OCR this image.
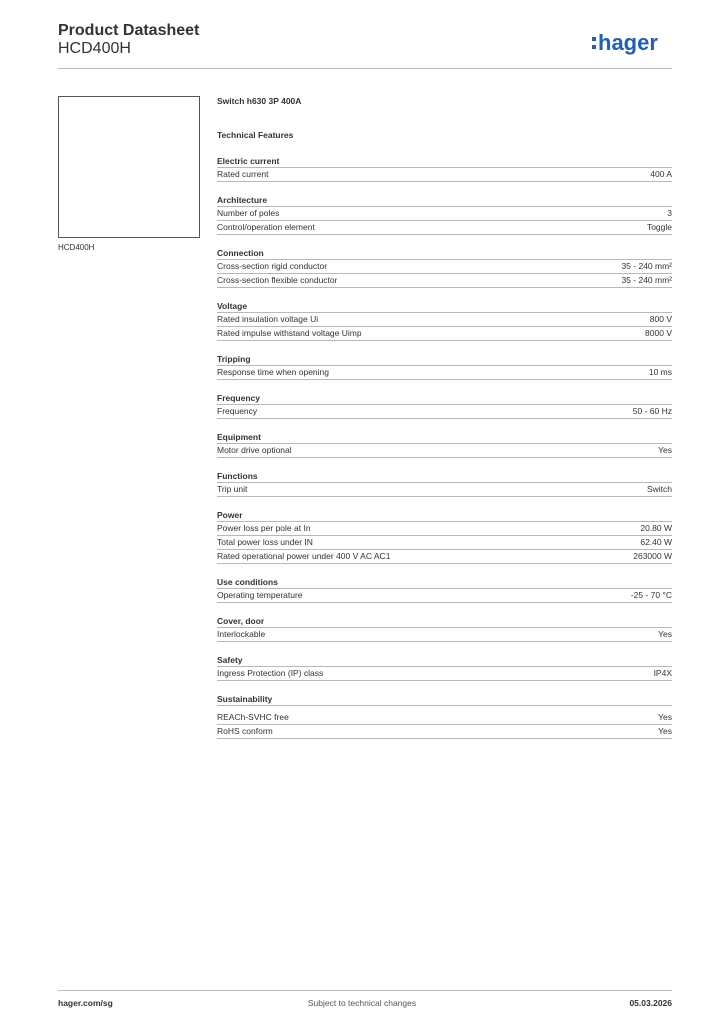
Product Datasheet
HCD400H	hager
HCD400H
Switch h630 3P 400A
Technical Features
Electric current
Rated current	400 A
Architecture
Number of poles	3
Control/operation element	Toggle
Connection
Cross-section rigid conductor	35 - 240 mm²
Cross-section flexible conductor	35 - 240 mm²
Voltage
Rated insulation voltage Ui	800 V
Rated impulse withstand voltage Uimp	8000 V
Tripping
Response time when opening	10 ms
Frequency
Frequency	50 - 60 Hz
Equipment
Motor drive optional	Yes
Functions
Trip unit	Switch
Power
Power loss per pole at In	20.80 W
Total power loss under IN	62.40 W
Rated operational power under 400 V AC AC1	263000 W
Use conditions
Operating temperature	-25 - 70 °C
Cover, door
Interlockable	Yes
Safety
Ingress Protection (IP) class	IP4X
Sustainability
REACh-SVHC free	Yes
RoHS conform	Yes
hager.com/sg	Subject to technical changes	05.03.2026
